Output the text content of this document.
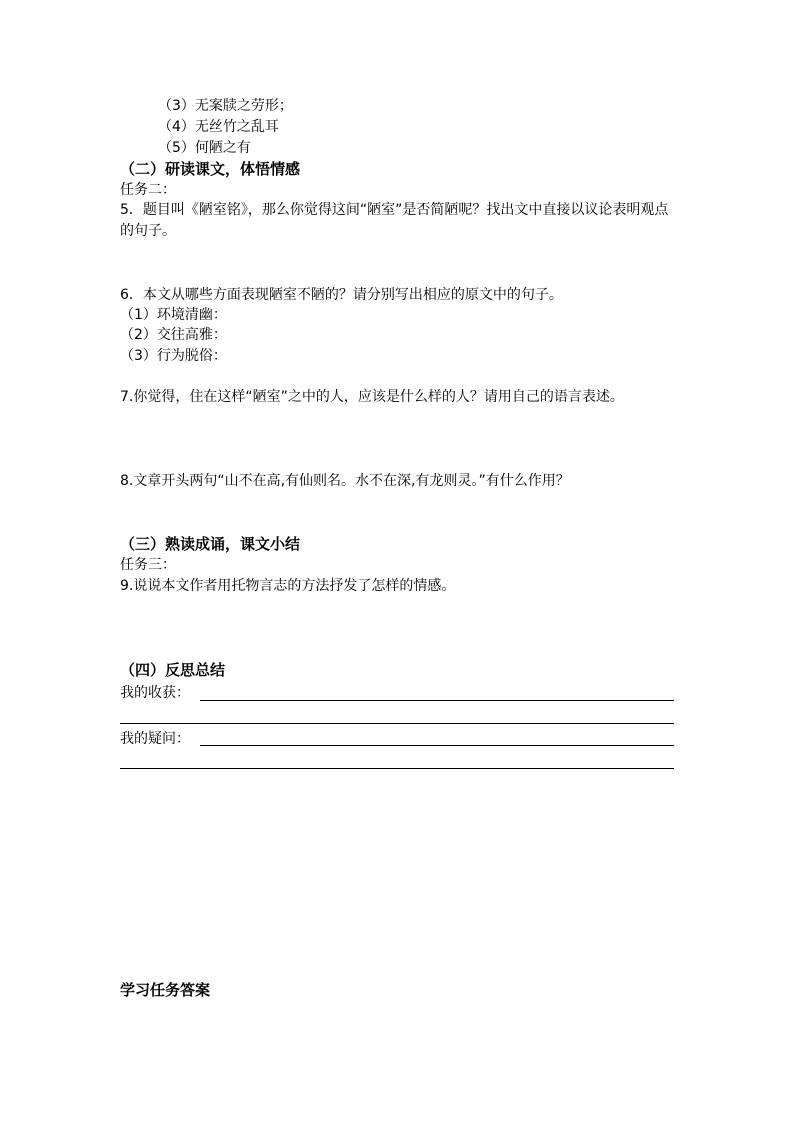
（3）无案牍之劳形；
（4）无丝竹之乱耳
（5）何陋之有
（二）研读课文，体悟情感
任务二：
5．题目叫《陋室铭》，那么你觉得这间“陋室”是否简陋呢？找出文中直接以议论表明观点的句子。
6．本文从哪些方面表现陋室不陋的？请分别写出相应的原文中的句子。
（1）环境清幽：
（2）交往高雅：
（3）行为脱俗：
7.你觉得，住在这样“陋室”之中的人，应该是什么样的人？请用自己的语言表述。
8.文章开头两句“山不在高,有仙则名。水不在深,有龙则灵。”有什么作用？
（三）熟读成诵，课文小结
任务三：
9.说说本文作者用托物言志的方法抒发了怎样的情感。
（四）反思总结
我的收获：
我的疑问：
学习任务答案
